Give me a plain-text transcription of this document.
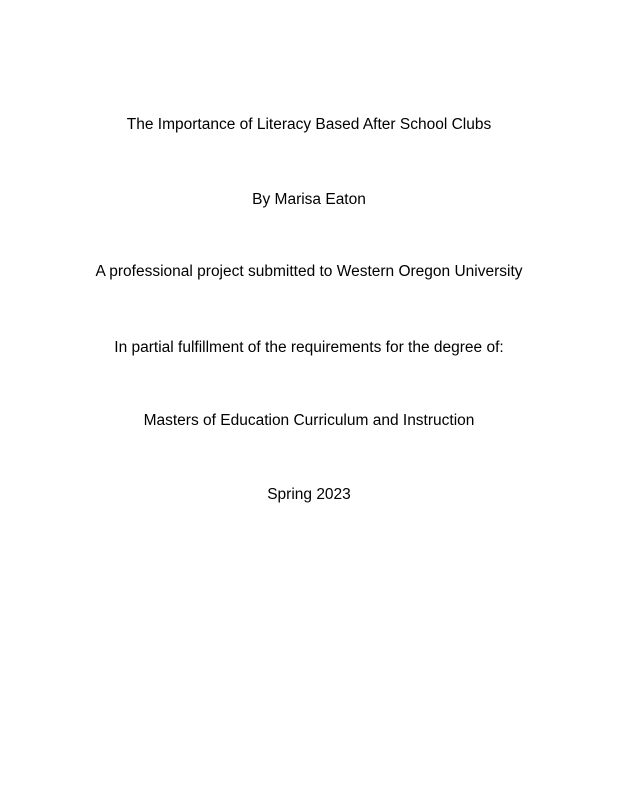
The Importance of Literacy Based After School Clubs
By Marisa Eaton
A professional project submitted to Western Oregon University
In partial fulfillment of the requirements for the degree of:
Masters of Education Curriculum and Instruction
Spring 2023
